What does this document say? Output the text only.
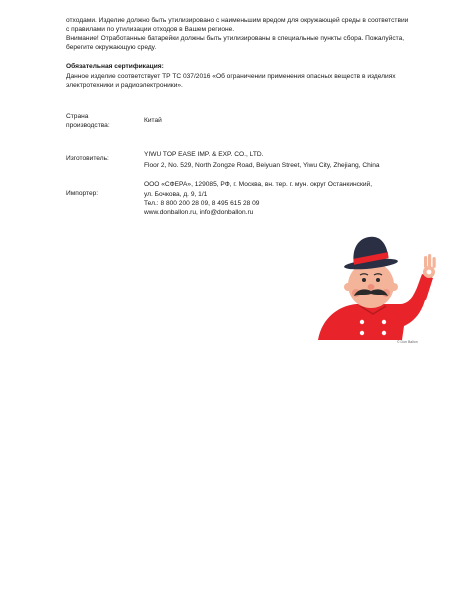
отходами. Изделие должно быть утилизировано с наименьшим вредом для окружающей среды в соответствии
с правилами по утилизации отходов в Вашем регионе.
Внимание! Отработанные батарейки должны быть утилизированы в специальные пункты сбора. Пожалуйста,
берегите окружающую среду.
Обязательная сертификация:
Данное изделие соответствует ТР ТС 037/2016 «Об ограничении применения опасных веществ в изделиях
электротехники и радиоэлектроники».
Страна
производства:
Китай
Изготовитель:
YIWU TOP EASE IMP. & EXP. CO., LTD.
Floor 2, No. 529, North Zongze Road, Beiyuan Street, Yiwu City, Zhejiang, China
Импортер:
ООО «СФЕРА», 129085, РФ, г. Москва, вн. тер. г. мун. округ Останкинский,
ул. Бочкова, д. 9, 1/1
Тел.: 8 800 200 28 09, 8 495 615 28 09
www.donballon.ru, info@donballon.ru
© Don Ballon
